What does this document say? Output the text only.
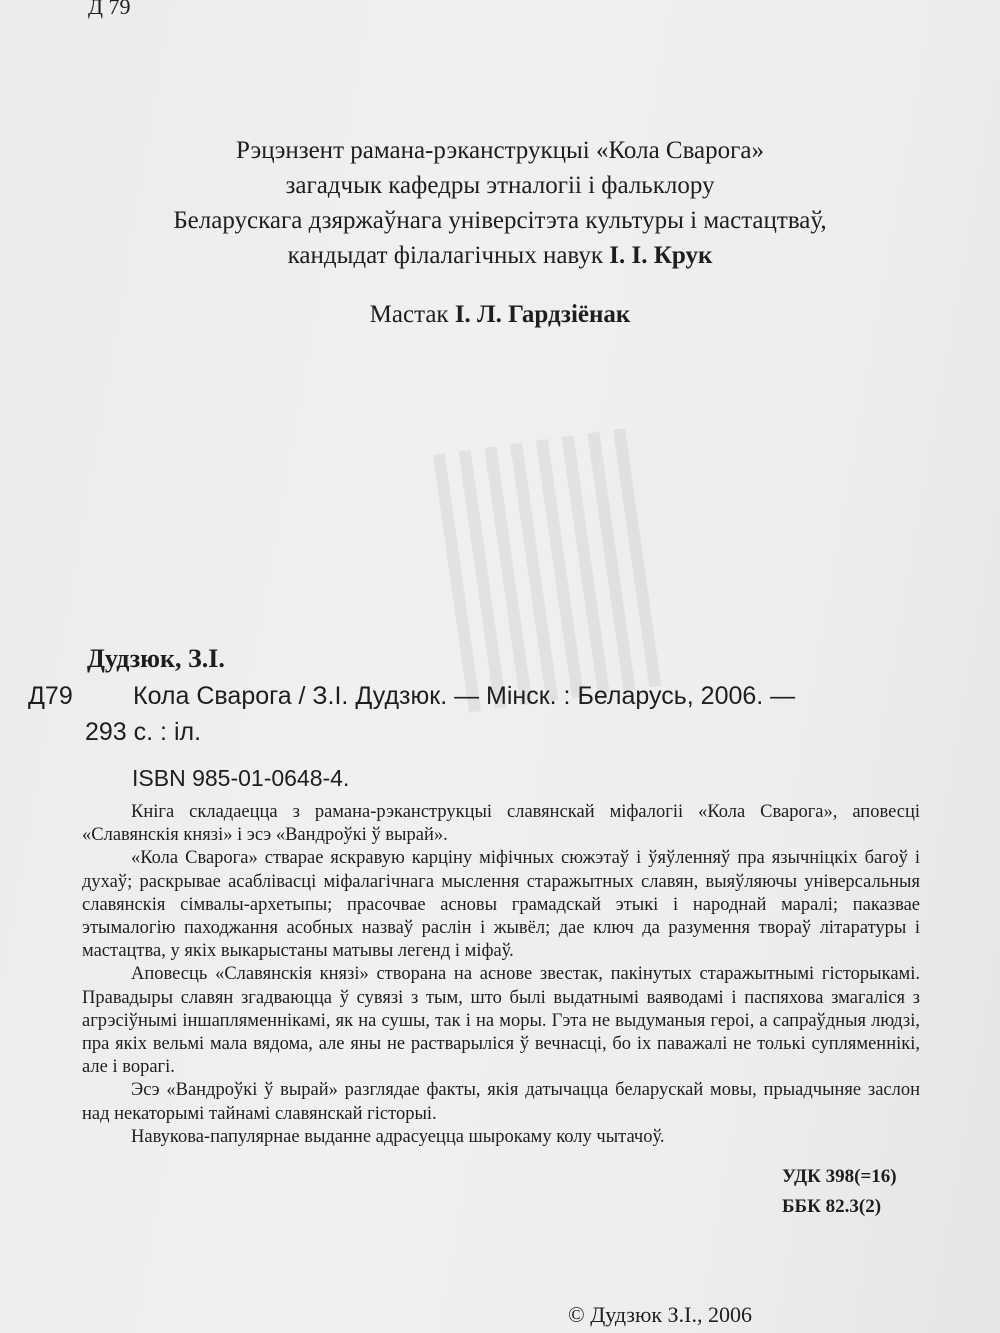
Д 79
Рэцэнзент рамана-рэканструкцыі «Кола Сварога»
загадчык кафедры этналогіі і фальклору
Беларускага дзяржаўнага універсітэта культуры і мастацтваў,
кандыдат філалагічных навук І. І. Крук
Мастак І. Л. Гардзіёнак
Дудзюк, З.І.
Д79 Кола Сварога / З.І. Дудзюк. — Мінск. : Беларусь, 2006. —
293 с. : іл.
ISBN 985-01-0648-4.

Кніга складаецца з рамана-рэканструкцыі славянскай міфалогіі «Кола Сварога», аповесці «Славянскія князі» і эсэ «Вандроўкі ў вырай».

«Кола Сварога» стварае яскравую карціну міфічных сюжэтаў і ўяўленняў пра язычніцкіх багоў і духаў; раскрывае асаблівасці міфалагічнага мыслення старажытных славян, выяўляючы універсальныя славянскія сімвалы-архетыпы; прасочвае асновы грамадскай этыкі і народнай маралі; паказвае этымалогію паходжання асобных назваў раслін і жывёл; дае ключ да разумення твораў літаратуры і мастацтва, у якіх выкарыстаны матывы легенд і міфаў.

Аповесць «Славянскія князі» створана на аснове звестак, пакінутых старажытнымі гісторыкамі. Правадыры славян згадваюцца ў сувязі з тым, што былі выдатнымі ваяводамі і паспяхова змагаліся з агрэсіўнымі іншапляменнікамі, як на сушы, так і на моры. Гэта не выдуманыя героі, а сапраўдныя людзі, пра якіх вельмі мала вядома, але яны не растварыліся ў вечнасці, бо іх паважалі не толькі супляменнікі, але і ворагі.

Эсэ «Вандроўкі ў вырай» разглядае факты, якія датычацца беларускай мовы, прыадчыняе заслон над некаторымі тайнамі славянскай гісторыі.

Навукова-папулярнае выданне адрасуецца шырокаму колу чытачоў.

УДК 398(=16)
ББК 82.3(2)
© Дудзюк З.І., 2006
